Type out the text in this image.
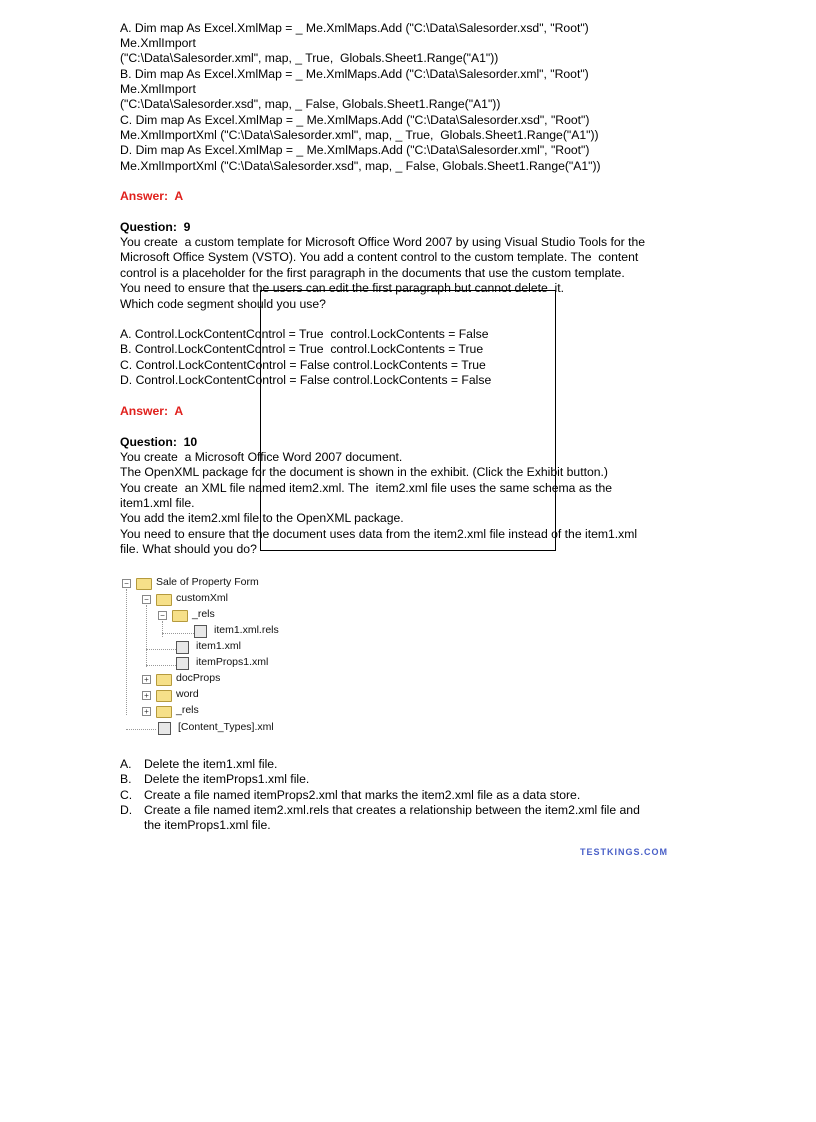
A. Dim map As Excel.XmlMap = _ Me.XmlMaps.Add ("C:\Data\Salesorder.xsd", "Root")
Me.XmlImport
("C:\Data\Salesorder.xml", map, _ True,  Globals.Sheet1.Range("A1"))
B. Dim map As Excel.XmlMap = _ Me.XmlMaps.Add ("C:\Data\Salesorder.xml", "Root")
Me.XmlImport
("C:\Data\Salesorder.xsd", map, _ False, Globals.Sheet1.Range("A1"))
C. Dim map As Excel.XmlMap = _ Me.XmlMaps.Add ("C:\Data\Salesorder.xsd", "Root")
Me.XmlImportXml ("C:\Data\Salesorder.xml", map, _ True,  Globals.Sheet1.Range("A1"))
D. Dim map As Excel.XmlMap = _ Me.XmlMaps.Add ("C:\Data\Salesorder.xml", "Root")
Me.XmlImportXml ("C:\Data\Salesorder.xsd", map, _ False, Globals.Sheet1.Range("A1"))
Answer:  A
Question:  9
You create  a custom template for Microsoft Office Word 2007 by using Visual Studio Tools for the
Microsoft Office System (VSTO). You add a content control to the custom template. The  content
control is a placeholder for the first paragraph in the documents that use the custom template.
You need to ensure that the users can edit the first paragraph but cannot delete  it.
Which code segment should you use?
A. Control.LockContentControl = True  control.LockContents = False
B. Control.LockContentControl = True  control.LockContents = True
C. Control.LockContentControl = False control.LockContents = True
D. Control.LockContentControl = False control.LockContents = False
Answer:  A
Question:  10
You create  a Microsoft Office Word 2007 document.
The OpenXML package for the document is shown in the exhibit. (Click the Exhibit button.)
You create  an XML file named item2.xml. The  item2.xml file uses the same schema as the
item1.xml file.
You add the item2.xml file to the OpenXML package.
You need to ensure that the document uses data from the item2.xml file instead of the item1.xml
file. What should you do?
−	Sale of Property Form
−	customXml
−	_rels
item1.xml.rels
item1.xml
itemProps1.xml
+	docProps
+	word
+	_rels
[Content_Types].xml
A. Delete the item1.xml file.
B. Delete the itemProps1.xml file.
C. Create a file named itemProps2.xml that marks the item2.xml file as a data store.
D. Create a file named item2.xml.rels that creates a relationship between the item2.xml file and
the itemProps1.xml file.
TESTKINGS.COM
